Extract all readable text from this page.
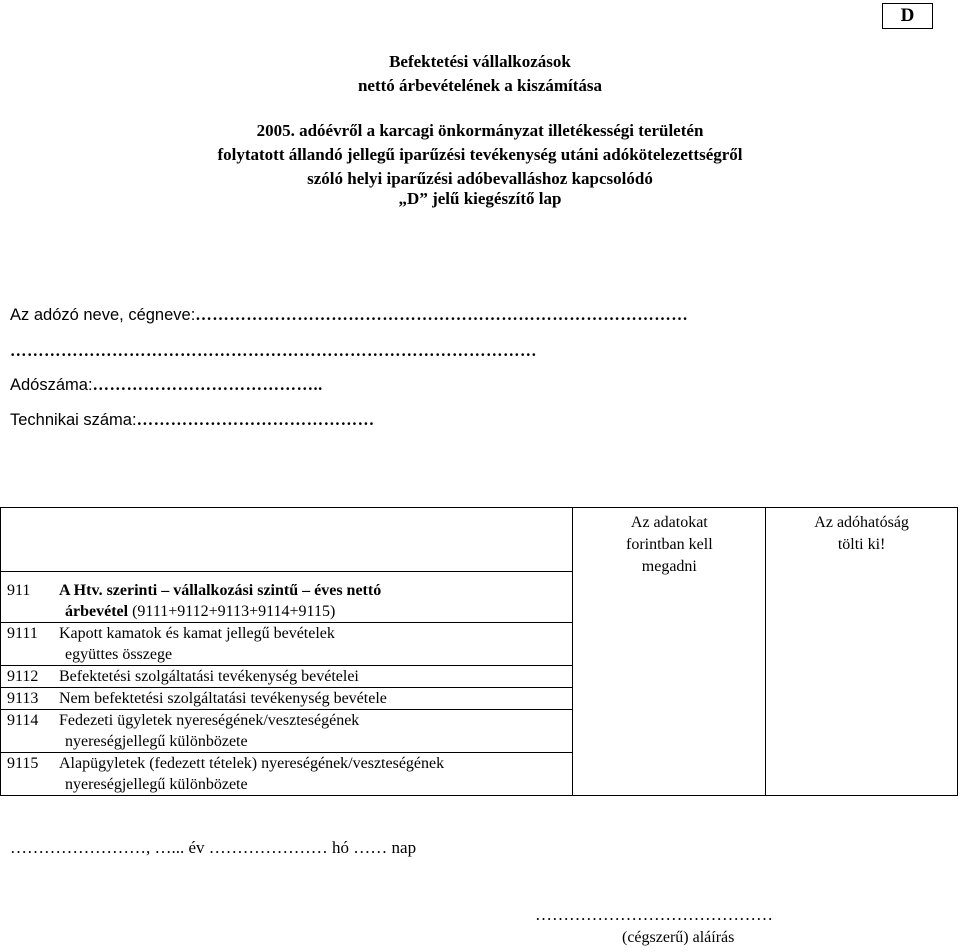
D
Befektetési vállalkozások
nettó árbevételének a kiszámítása
2005. adóévről a karcagi önkormányzat illetékességi területén
folytatott állandó jellegű iparűzési tevékenység utáni adókötelezettségről
szóló helyi iparűzési adóbevalláshoz kapcsolódó
„D” jelű kiegészítő lap
Az adózó neve, cégneve:……………………………………………………………………………
…………………………………………………………………………………
Adószáma:…………………………………..
Technikai száma:……………………………………

Az adatokat
forintban kell
megadni

Az adóhatóság
tölti ki!

911 A Htv. szerinti – vállalkozási szintű – éves nettó
árbevétel (9111+9112+9113+9114+9115)

9111 Kapott kamatok és kamat jellegű bevételek
együttes összege

9112 Befektetési szolgáltatási tevékenység bevételei

9113 Nem befektetési szolgáltatási tevékenység bevétele

9114 Fedezeti ügyletek nyereségének/veszteségének
nyereségjellegű különbözete

9115 Alapügyletek (fedezett tételek) nyereségének/veszteségének
nyereségjellegű különbözete
……………………, …... év ………………… hó …… nap
……………………………………
(cégszerű) aláírás
